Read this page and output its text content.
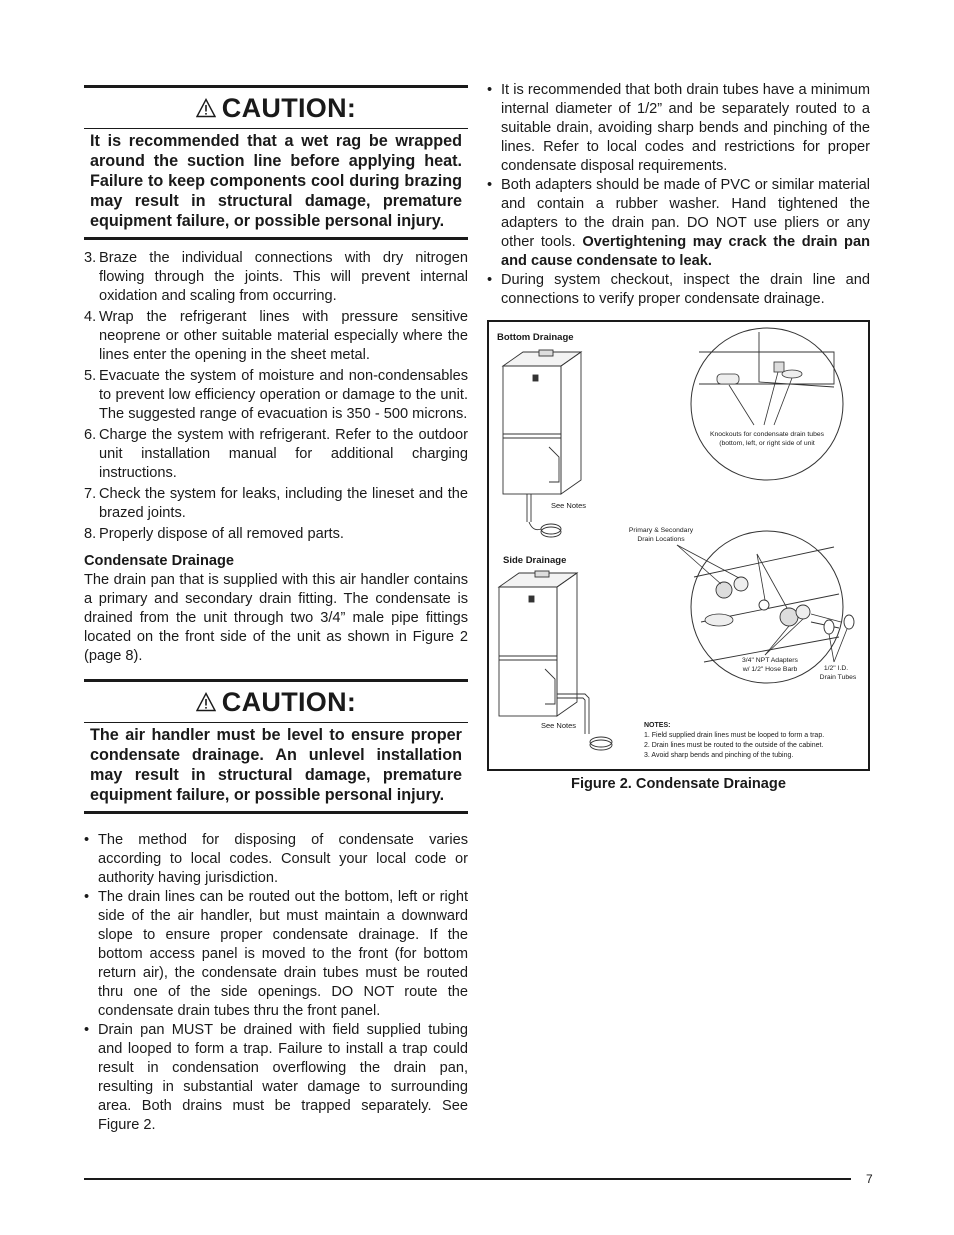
CAUTION:
It is recommended that a wet rag be wrapped around the suction line before applying heat. Failure to keep components cool during brazing may result in structural damage, premature equipment failure, or possible personal injury.
3. Braze the individual connections with dry nitrogen flowing through the joints. This will prevent internal oxidation and scaling from occurring.
4. Wrap the refrigerant lines with pressure sensitive neoprene or other suitable material especially where the lines enter the opening in the sheet metal.
5. Evacuate the system of moisture and non-condensables to prevent low efficiency operation or damage to the unit. The suggested range of evacuation is 350 - 500 microns.
6. Charge the system with refrigerant. Refer to the outdoor unit installation manual for additional charging instructions.
7. Check the system for leaks, including the lineset and the brazed joints.
8. Properly dispose of all removed parts.
Condensate Drainage
The drain pan that is supplied with this air handler contains a primary and secondary drain fitting. The condensate is drained from the unit through two 3/4” male pipe fittings located on the front side of the unit as shown in Figure 2 (page 8).
CAUTION:
The air handler must be level to ensure proper condensate drainage. An unlevel installation may result in structural damage, premature equipment failure, or possible personal injury.
• The method for disposing of condensate varies according to local codes. Consult your local code or authority having jurisdiction.
• The drain lines can be routed out the bottom, left or right side of the air handler, but must maintain a downward slope to ensure proper condensate drainage. If the bottom access panel is moved to the front (for bottom return air), the condensate drain tubes must be routed thru one of the side openings. DO NOT route the condensate drain tubes thru the front panel.
• Drain pan MUST be drained with field supplied tubing and looped to form a trap. Failure to install a trap could result in condensation overflowing the drain pan, resulting in substantial water damage to surrounding area. Both drains must be trapped separately. See Figure 2.
• It is recommended that both drain tubes have a minimum internal diameter of 1/2” and be separately routed to a suitable drain, avoiding sharp bends and pinching of the lines. Refer to local codes and restrictions for proper condensate disposal requirements.
• Both adapters should be made of PVC or similar material and contain a rubber washer. Hand tightened the adapters to the drain pan. DO NOT use pliers or any other tools. Overtightening may crack the drain pan and cause condensate to leak.
• During system checkout, inspect the drain line and connections to verify proper condensate drainage.
Bottom Drainage
See Notes
Knockouts for condensate drain tubes
(bottom, left, or right side of unit
Side Drainage
See Notes
Primary & Secondary
Drain Locations
3/4" NPT Adapters
w/ 1/2" Hose Barb	1/2" I.D.
Drain Tubes
NOTES:
1. Field supplied drain lines must be looped to form a trap.
2. Drain lines must be routed to the outside of the cabinet.
3. Avoid sharp bends and pinching of the tubing.
Figure 2. Condensate Drainage
7
